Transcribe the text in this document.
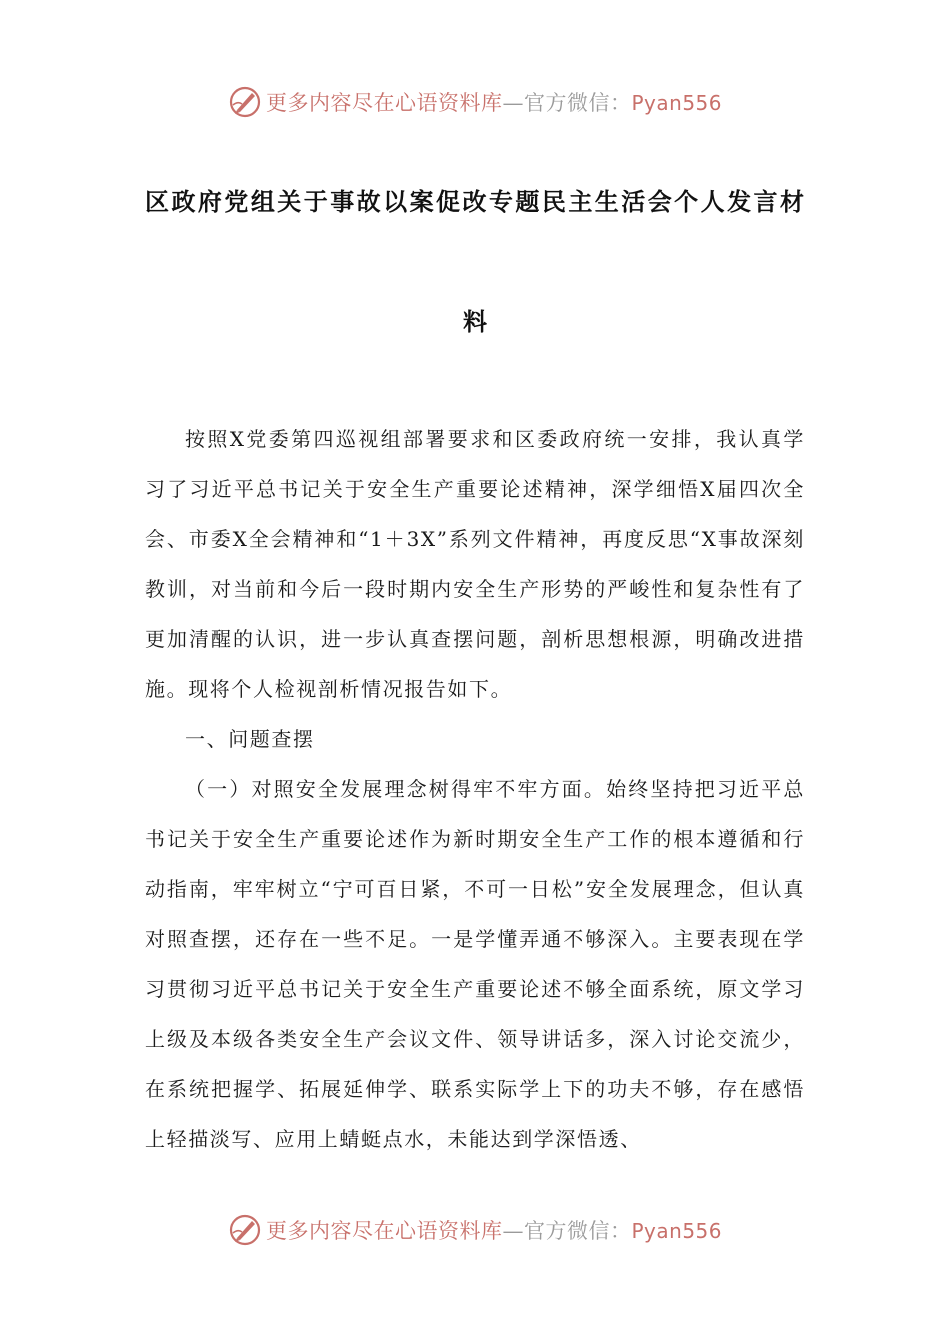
更多内容尽在心语资料库—官方微信：Pyan556
区政府党组关于事故以案促改专题民主生活会个人发言材
料

按照X党委第四巡视组部署要求和区委政府统一安排，我认真学习了习近平总书记关于安全生产重要论述精神，深学细悟X届四次全会、市委X全会精神和“1＋3X”系列文件精神，再度反思“X事故深刻教训，对当前和今后一段时期内安全生产形势的严峻性和复杂性有了更加清醒的认识，进一步认真查摆问题，剖析思想根源，明确改进措施。现将个人检视剖析情况报告如下。

一、问题查摆

（一）对照安全发展理念树得牢不牢方面。始终坚持把习近平总书记关于安全生产重要论述作为新时期安全生产工作的根本遵循和行动指南，牢牢树立“宁可百日紧，不可一日松”安全发展理念，但认真对照查摆，还存在一些不足。一是学懂弄通不够深入。主要表现在学习贯彻习近平总书记关于安全生产重要论述不够全面系统，原文学习上级及本级各类安全生产会议文件、领导讲话多，深入讨论交流少，在系统把握学、拓展延伸学、联系实际学上下的功夫不够，存在感悟上轻描淡写、应用上蜻蜓点水，未能达到学深悟透、

更多内容尽在心语资料库—官方微信：Pyan556
